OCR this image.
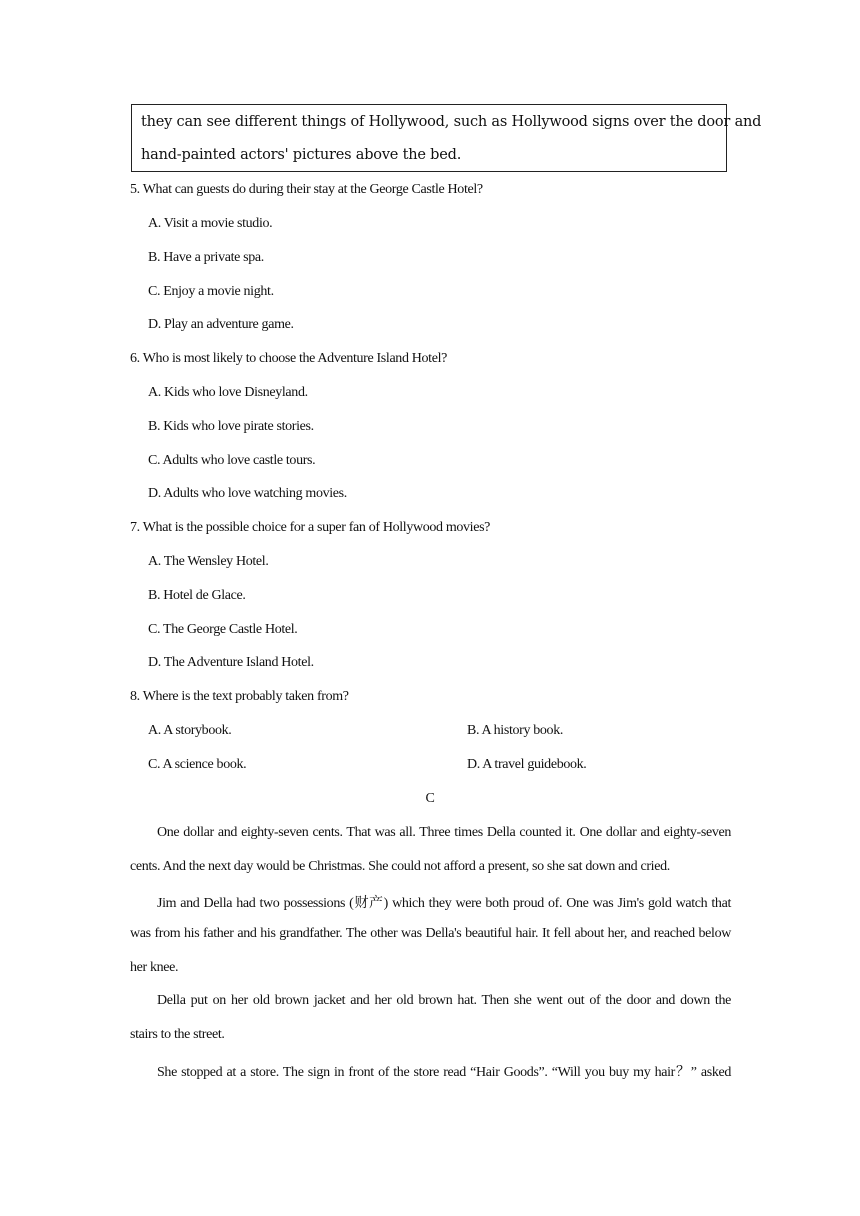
they can see different things of Hollywood, such as Hollywood signs over the door and
hand-painted actors' pictures above the bed.
5. What can guests do during their stay at the George Castle Hotel?
A. Visit a movie studio.
B. Have a private spa.
C. Enjoy a movie night.
D. Play an adventure game.
6. Who is most likely to choose the Adventure Island Hotel?
A. Kids who love Disneyland.
B. Kids who love pirate stories.
C. Adults who love castle tours.
D. Adults who love watching movies.
7. What is the possible choice for a super fan of Hollywood movies?
A. The Wensley Hotel.
B. Hotel de Glace.
C. The George Castle Hotel.
D. The Adventure Island Hotel.
8. Where is the text probably taken from?
A. A storybook.	B. A history book.
C. A science book.	D. A travel guidebook.
C
One dollar and eighty-seven cents. That was all. Three times Della counted it. One dollar and eighty-seven
cents. And the next day would be Christmas. She could not afford a present, so she sat down and cried.
Jim and Della had two possessions (财产) which they were both proud of. One was Jim's gold watch that
was from his father and his grandfather. The other was Della's beautiful hair. It fell about her, and reached below
her knee.
Della put on her old brown jacket and her old brown hat. Then she went out of the door and down the
stairs to the street.
She stopped at a store. The sign in front of the store read “Hair Goods”. “Will you buy my hair？” asked
